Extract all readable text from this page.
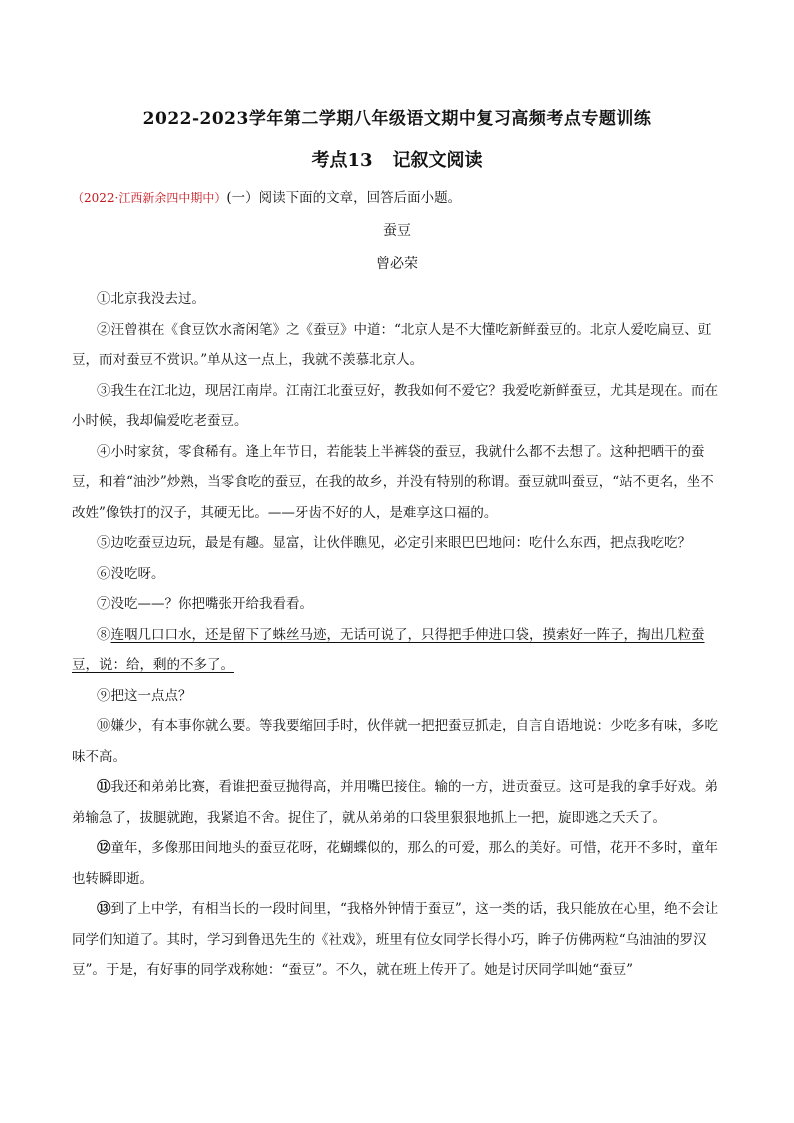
2022-2023学年第二学期八年级语文期中复习高频考点专题训练
考点13 记叙文阅读
（2022·江西新余四中期中）(一）阅读下面的文章，回答后面小题。
蚕豆
曾必荣

①北京我没去过。

②汪曾祺在《食豆饮水斋闲笔》之《蚕豆》中道：“北京人是不大懂吃新鲜蚕豆的。北京人爱吃扁豆、豇豆，而对蚕豆不赏识。”单从这一点上，我就不羡慕北京人。

③我生在江北边，现居江南岸。江南江北蚕豆好，教我如何不爱它？我爱吃新鲜蚕豆，尤其是现在。而在小时候，我却偏爱吃老蚕豆。

④小时家贫，零食稀有。逢上年节日，若能装上半裤袋的蚕豆，我就什么都不去想了。这种把晒干的蚕豆，和着“油沙”炒熟，当零食吃的蚕豆，在我的故乡，并没有特别的称谓。蚕豆就叫蚕豆，“站不更名，坐不改姓”像铁打的汉子，其硬无比。——牙齿不好的人，是难享这口福的。

⑤边吃蚕豆边玩，最是有趣。显富，让伙伴瞧见，必定引来眼巴巴地问：吃什么东西，把点我吃吃？

⑥没吃呀。

⑦没吃——？你把嘴张开给我看看。

⑧连咽几口口水，还是留下了蛛丝马迹，无话可说了，只得把手伸进口袋，摸索好一阵子，掏出几粒蚕豆，说：给，剩的不多了。

⑨把这一点点？

⑩嫌少，有本事你就么要。等我要缩回手时，伙伴就一把把蚕豆抓走，自言自语地说：少吃多有味，多吃味不高。

⑪我还和弟弟比赛，看谁把蚕豆抛得高，并用嘴巴接住。输的一方，进贡蚕豆。这可是我的拿手好戏。弟弟输急了，拔腿就跑，我紧追不舍。捉住了，就从弟弟的口袋里狠狠地抓上一把，旋即逃之夭夭了。

⑫童年，多像那田间地头的蚕豆花呀，花蝴蝶似的，那么的可爱，那么的美好。可惜，花开不多时，童年也转瞬即逝。

⑬到了上中学，有相当长的一段时间里，“我格外钟情于蚕豆”，这一类的话，我只能放在心里，绝不会让同学们知道了。其时，学习到鲁迅先生的《社戏》，班里有位女同学长得小巧，眸子仿佛两粒“乌油油的罗汉豆”。于是，有好事的同学戏称她：“蚕豆”。不久，就在班上传开了。她是讨厌同学叫她“蚕豆”
